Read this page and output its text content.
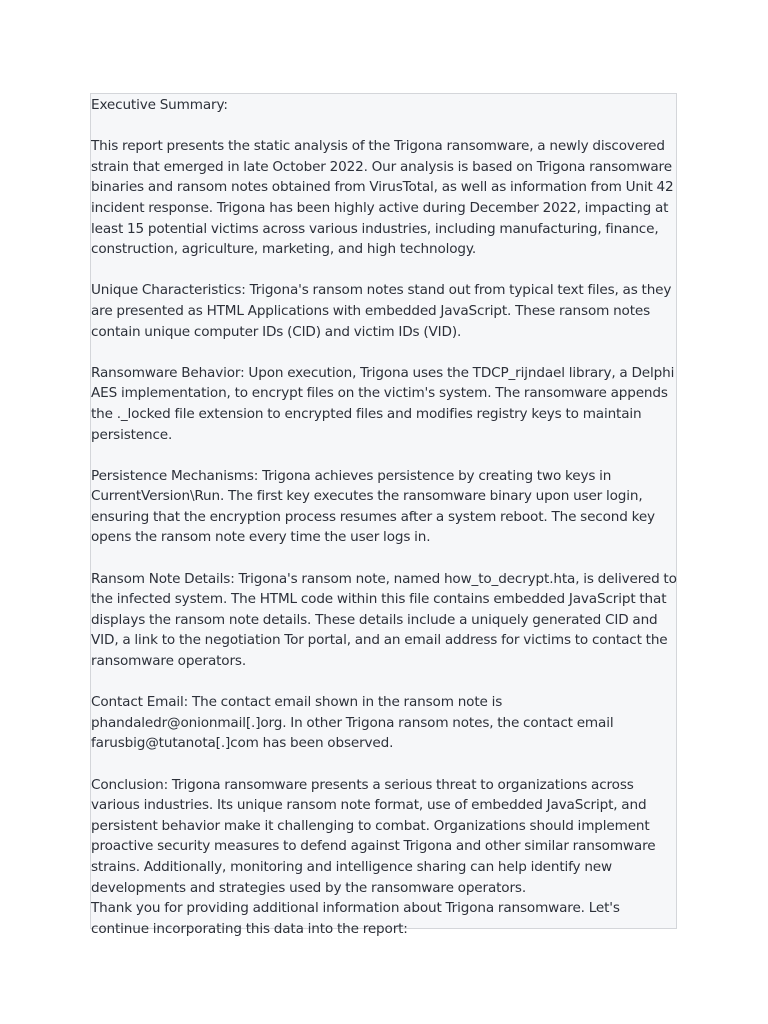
Executive Summary:
This report presents the static analysis of the Trigona ransomware, a newly discovered
strain that emerged in late October 2022. Our analysis is based on Trigona ransomware
binaries and ransom notes obtained from VirusTotal, as well as information from Unit 42
incident response. Trigona has been highly active during December 2022, impacting at
least 15 potential victims across various industries, including manufacturing, finance,
construction, agriculture, marketing, and high technology.
Unique Characteristics: Trigona's ransom notes stand out from typical text files, as they
are presented as HTML Applications with embedded JavaScript. These ransom notes
contain unique computer IDs (CID) and victim IDs (VID).
Ransomware Behavior: Upon execution, Trigona uses the TDCP_rijndael library, a Delphi
AES implementation, to encrypt files on the victim's system. The ransomware appends
the ._locked file extension to encrypted files and modifies registry keys to maintain
persistence.
Persistence Mechanisms: Trigona achieves persistence by creating two keys in
CurrentVersion\Run. The first key executes the ransomware binary upon user login,
ensuring that the encryption process resumes after a system reboot. The second key
opens the ransom note every time the user logs in.
Ransom Note Details: Trigona's ransom note, named how_to_decrypt.hta, is delivered to
the infected system. The HTML code within this file contains embedded JavaScript that
displays the ransom note details. These details include a uniquely generated CID and
VID, a link to the negotiation Tor portal, and an email address for victims to contact the
ransomware operators.
Contact Email: The contact email shown in the ransom note is
phandaledr@onionmail[.]org. In other Trigona ransom notes, the contact email
farusbig@tutanota[.]com has been observed.
Conclusion: Trigona ransomware presents a serious threat to organizations across
various industries. Its unique ransom note format, use of embedded JavaScript, and
persistent behavior make it challenging to combat. Organizations should implement
proactive security measures to defend against Trigona and other similar ransomware
strains. Additionally, monitoring and intelligence sharing can help identify new
developments and strategies used by the ransomware operators.
Thank you for providing additional information about Trigona ransomware. Let's
continue incorporating this data into the report:
